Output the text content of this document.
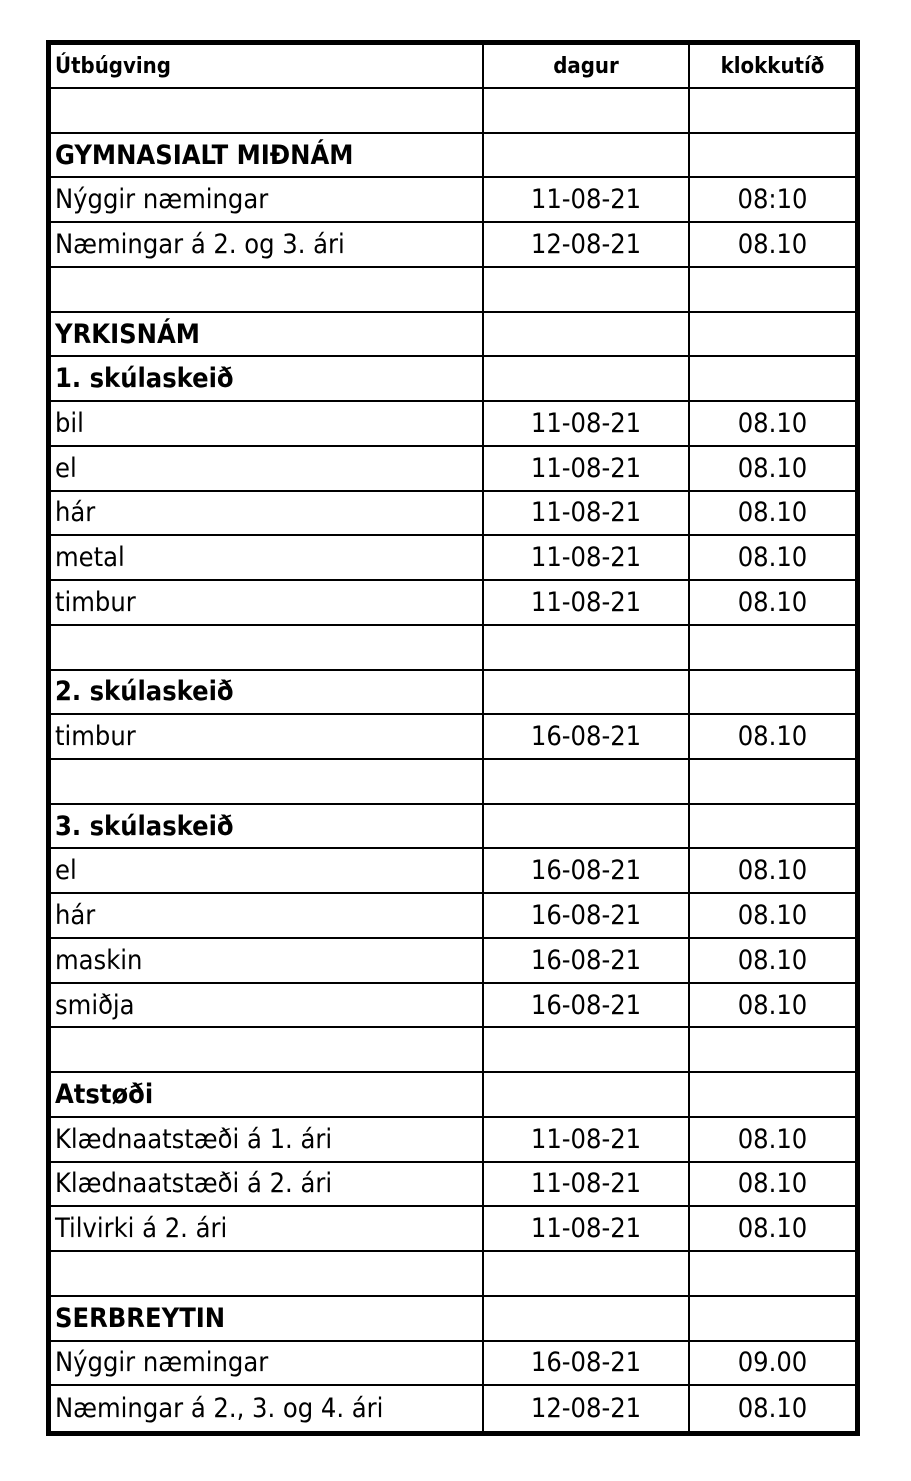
Útbúgving	dagur	klokkutíð
GYMNASIALT MIÐNÁM
Nýggir næmingar	11-08-21	08:10
Næmingar á 2. og 3. ári	12-08-21	08.10
YRKISNÁM
1. skúlaskeið
bil	11-08-21	08.10
el	11-08-21	08.10
hár	11-08-21	08.10
metal	11-08-21	08.10
timbur	11-08-21	08.10
2. skúlaskeið
timbur	16-08-21	08.10
3. skúlaskeið
el	16-08-21	08.10
hár	16-08-21	08.10
maskin	16-08-21	08.10
smiðja	16-08-21	08.10
Atstøði
Klædnaatstæði á 1. ári	11-08-21	08.10
Klædnaatstæði á 2. ári	11-08-21	08.10
Tilvirki á 2. ári	11-08-21	08.10
SERBREYTIN
Nýggir næmingar	16-08-21	09.00
Næmingar á 2., 3. og 4. ári	12-08-21	08.10
